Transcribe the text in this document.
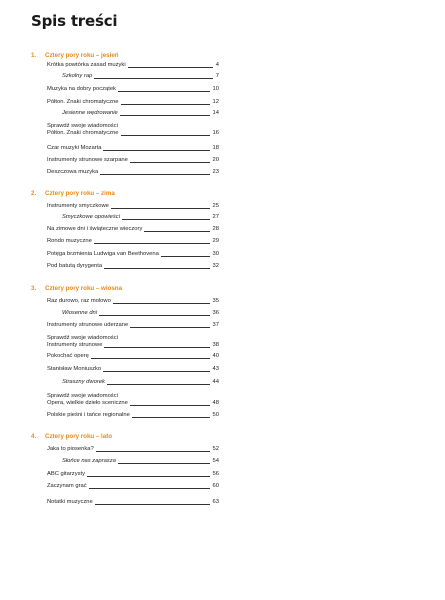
Spis treści
1. Cztery pory roku – jesień
Krótka powtórka zasad muzyki	4
Szkolny rap	7
Muzyka na dobry początek	10
Półton. Znaki chromatyczne	12
Jesienne wędrowanie	14
Sprawdź swoje wiadomości
Półton. Znaki chromatyczne	16
Czar muzyki Mozarta	18
Instrumenty strunowe szarpane	20
Deszczowa muzyka	23
2. Cztery pory roku – zima
Instrumenty smyczkowe	25
Smyczkowe opowieści	27
Na zimowe dni i świąteczne wieczory	28
Rondo muzyczne	29
Potęga brzmienia Ludwiga van Beethovena	30
Pod batutą dyrygenta	32
3. Cztery pory roku – wiosna
Raz durowo, raz molowo	35
Wiosenne dni	36
Instrumenty strunowe uderzane	37
Sprawdź swoje wiadomości
Instrumenty strunowe	38
Pokochać operę	40
Stanisław Moniuszko	43
Straszny dworek	44
Sprawdź swoje wiadomości
Opera, wielkie dzieło sceniczne	48
Polskie pieśni i tańce regionalne	50
4. Cztery pory roku – lato
Jaka to piosenka?	52
Słońce nas zaprasza	54
ABC gitarzysty	56
Zaczynam grać	60
Notatki muzyczne	63
